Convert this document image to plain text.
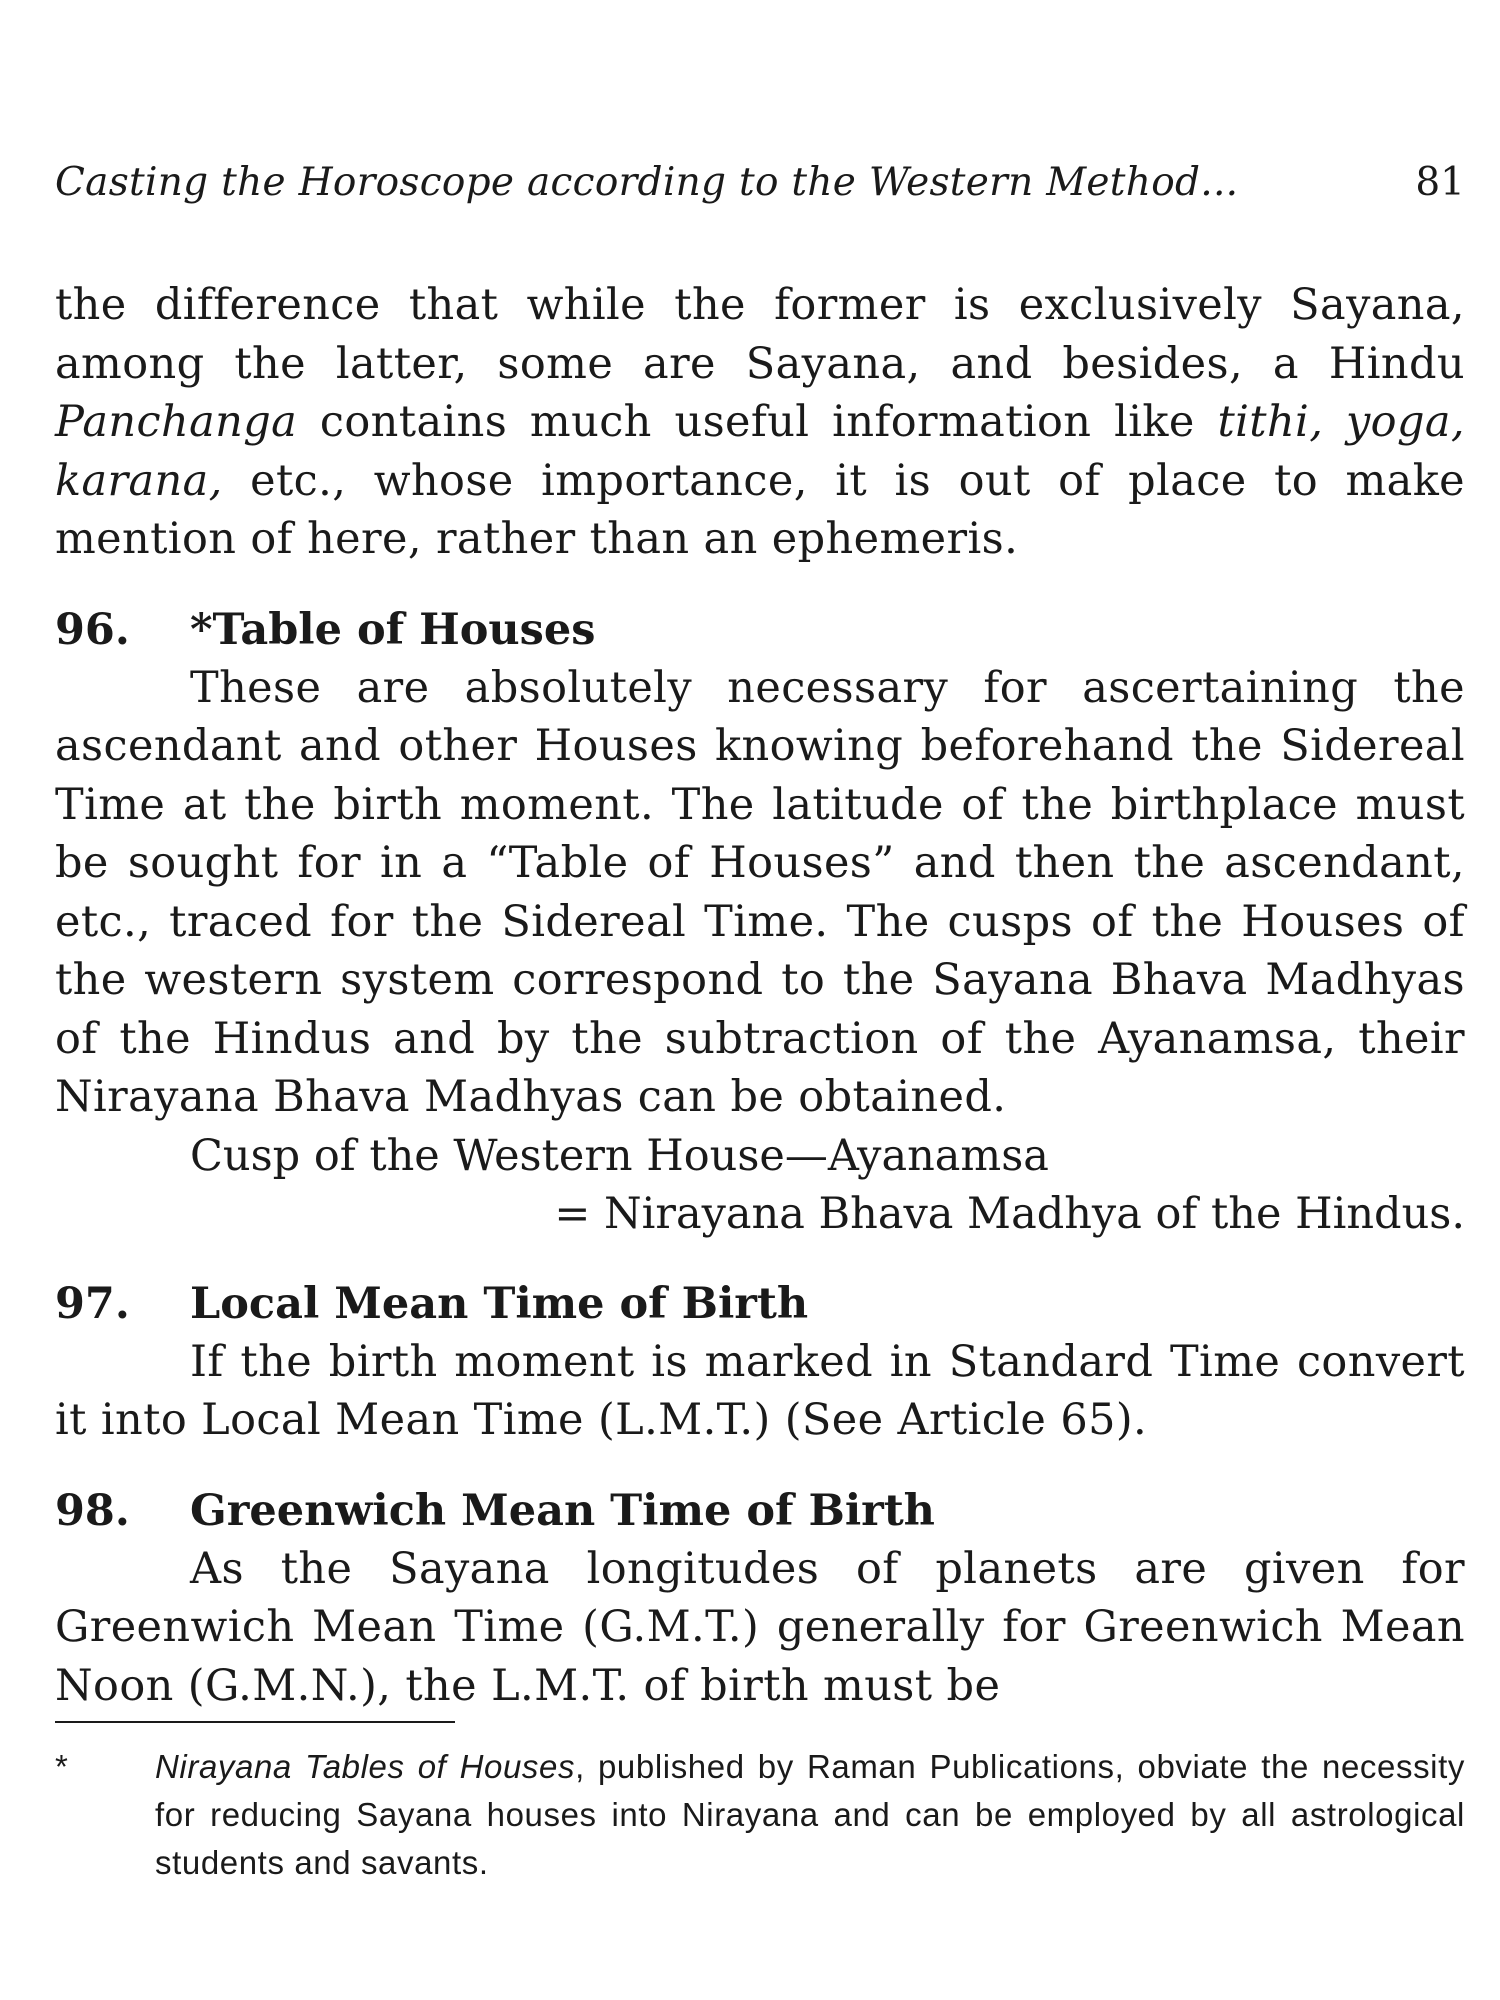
Casting the Horoscope according to the Western Method...	81

the difference that while the former is exclusively Sayana, among the latter, some are Sayana, and besides, a Hindu Panchanga contains much useful information like tithi, yoga, karana, etc., whose importance, it is out of place to make mention of here, rather than an ephemeris.

96.	*Table of Houses

These are absolutely necessary for ascertaining the ascendant and other Houses knowing beforehand the Sidereal Time at the birth moment. The latitude of the birthplace must be sought for in a “Table of Houses” and then the ascendant, etc., traced for the Sidereal Time. The cusps of the Houses of the western system correspond to the Sayana Bhava Madhyas of the Hindus and by the subtraction of the Ayanamsa, their Nirayana Bhava Madhyas can be obtained.

Cusp of the Western House—Ayanamsa
= Nirayana Bhava Madhya of the Hindus.
97.	Local Mean Time of Birth

If the birth moment is marked in Standard Time convert it into Local Mean Time (L.M.T.) (See Article 65).

98.	Greenwich Mean Time of Birth

As the Sayana longitudes of planets are given for Greenwich Mean Time (G.M.T.) generally for Greenwich Mean Noon (G.M.N.), the L.M.T. of birth must be

*	Nirayana Tables of Houses, published by Raman Publications, obviate the necessity for reducing Sayana houses into Nirayana and can be employed by all astrological students and savants.
